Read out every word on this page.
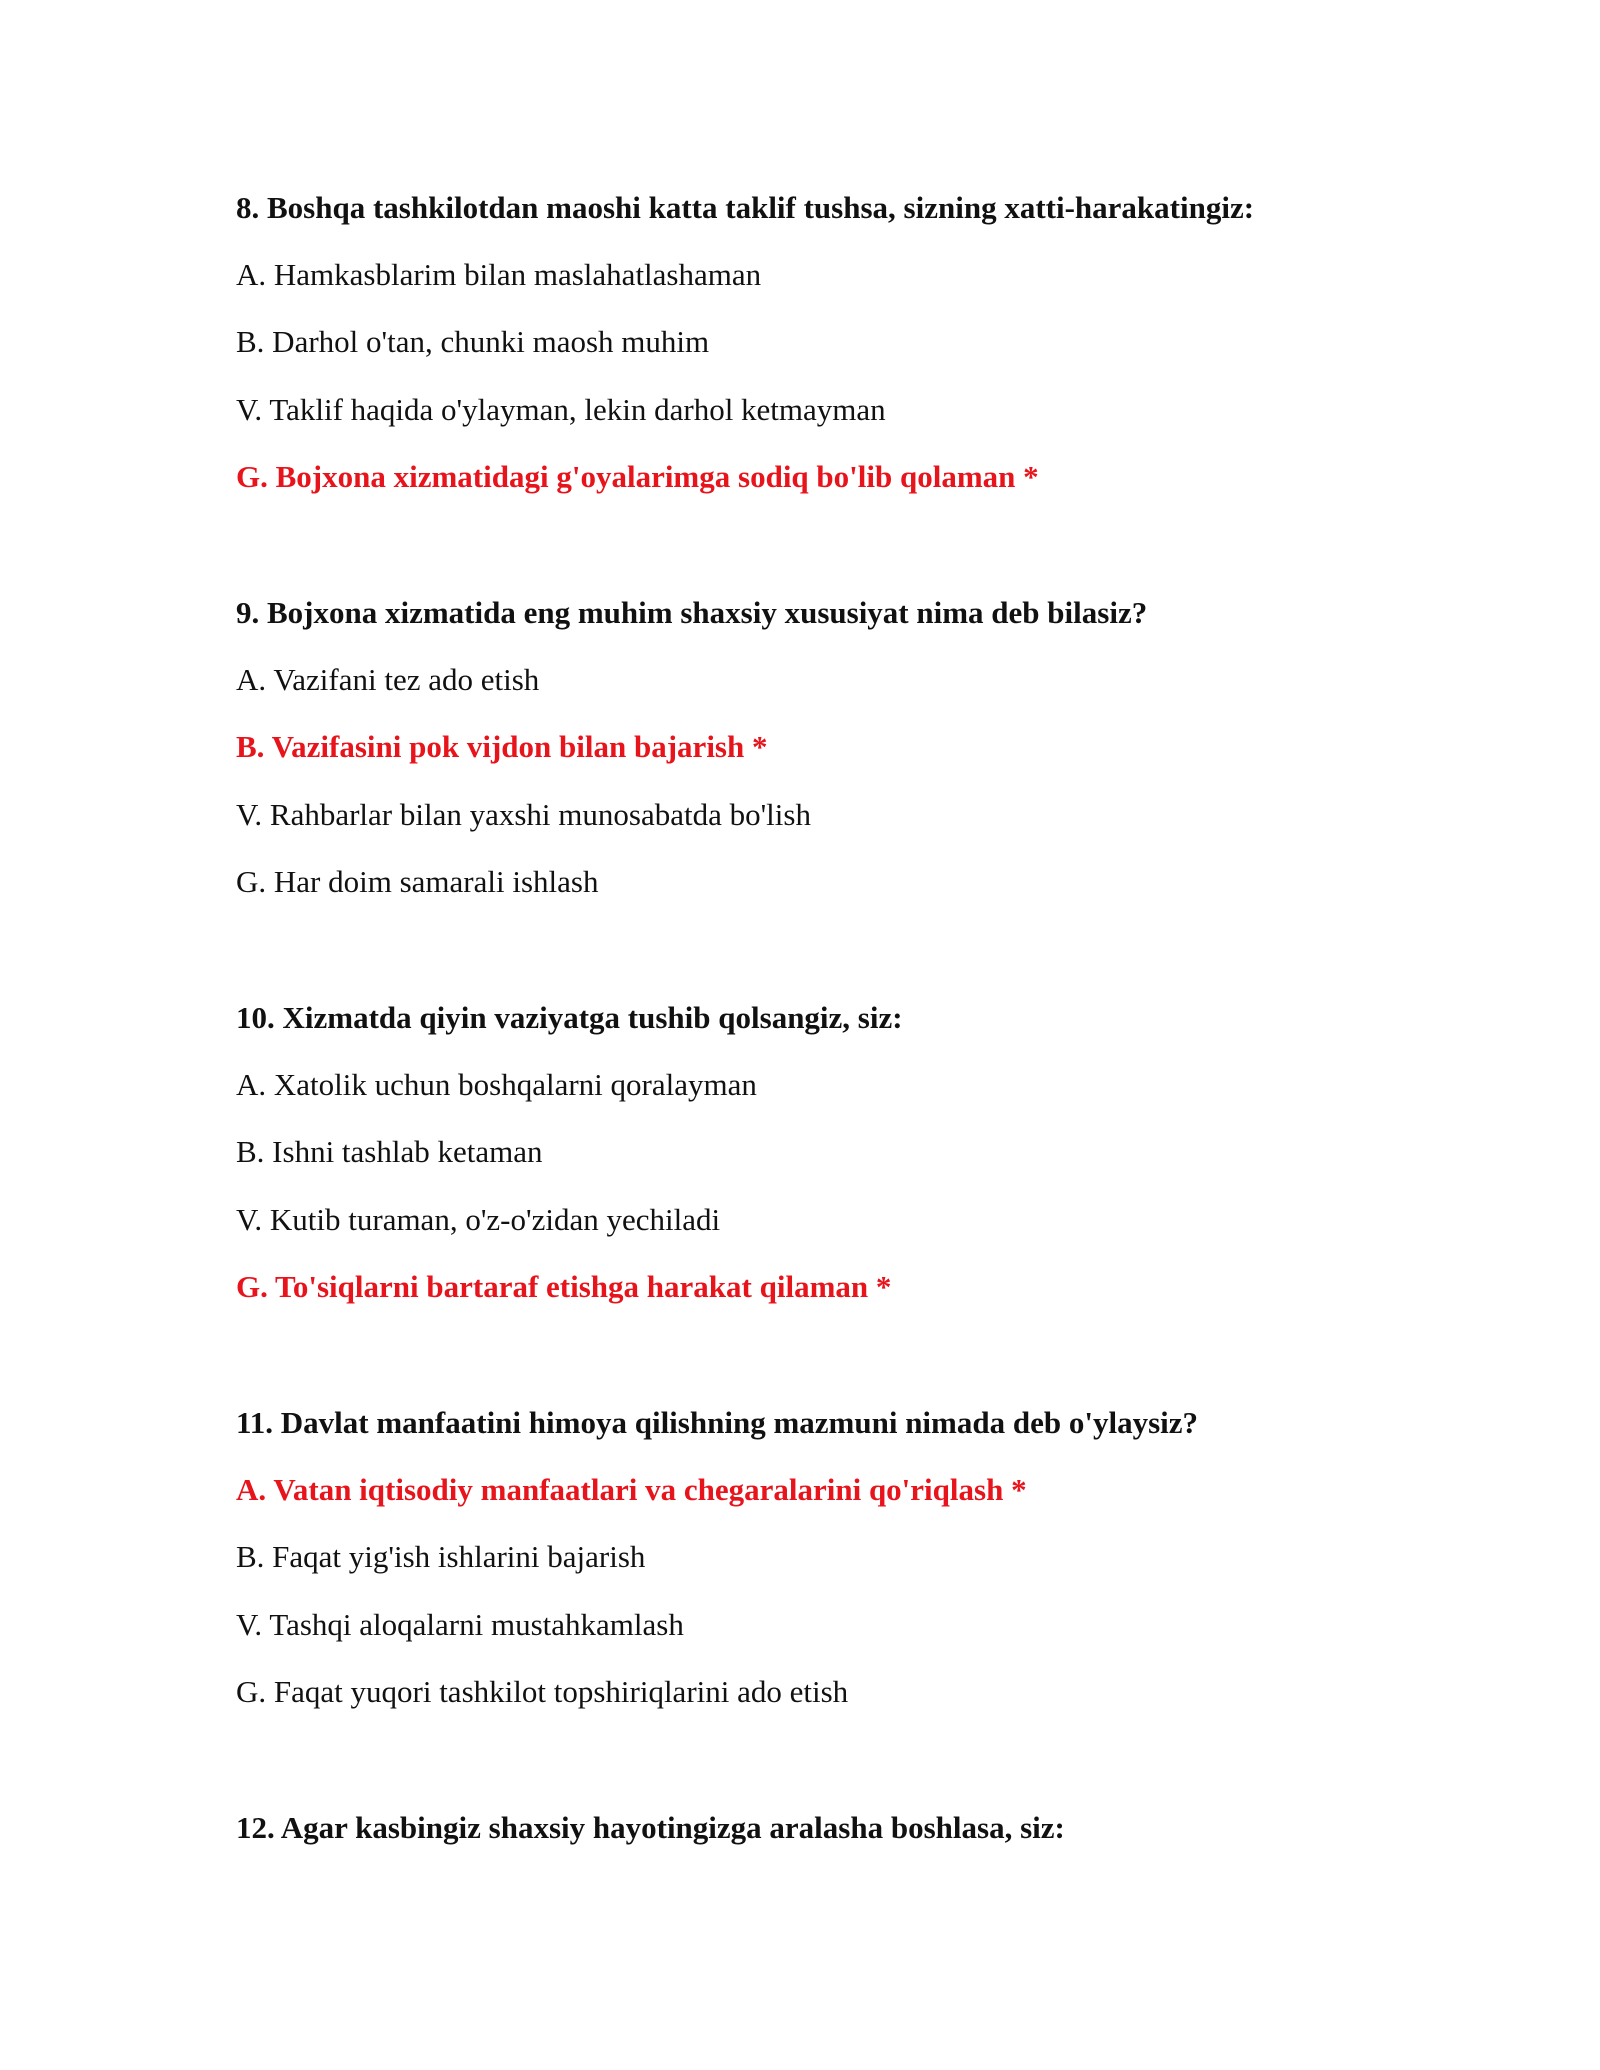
8. Boshqa tashkilotdan maoshi katta taklif tushsa, sizning xatti-harakatingiz:
A. Hamkasblarim bilan maslahatlashaman
B. Darhol o'tan, chunki maosh muhim
V. Taklif haqida o'ylayman, lekin darhol ketmayman
G. Bojxona xizmatidagi g'oyalarimga sodiq bo'lib qolaman *
9. Bojxona xizmatida eng muhim shaxsiy xususiyat nima deb bilasiz?
A. Vazifani tez ado etish
B. Vazifasini pok vijdon bilan bajarish *
V. Rahbarlar bilan yaxshi munosabatda bo'lish
G. Har doim samarali ishlash
10. Xizmatda qiyin vaziyatga tushib qolsangiz, siz:
A. Xatolik uchun boshqalarni qoralayman
B. Ishni tashlab ketaman
V. Kutib turaman, o'z-o'zidan yechiladi
G. To'siqlarni bartaraf etishga harakat qilaman *
11. Davlat manfaatini himoya qilishning mazmuni nimada deb o'ylaysiz?
A. Vatan iqtisodiy manfaatlari va chegaralarini qo'riqlash *
B. Faqat yig'ish ishlarini bajarish
V. Tashqi aloqalarni mustahkamlash
G. Faqat yuqori tashkilot topshiriqlarini ado etish
12. Agar kasbingiz shaxsiy hayotingizga aralasha boshlasa, siz:
